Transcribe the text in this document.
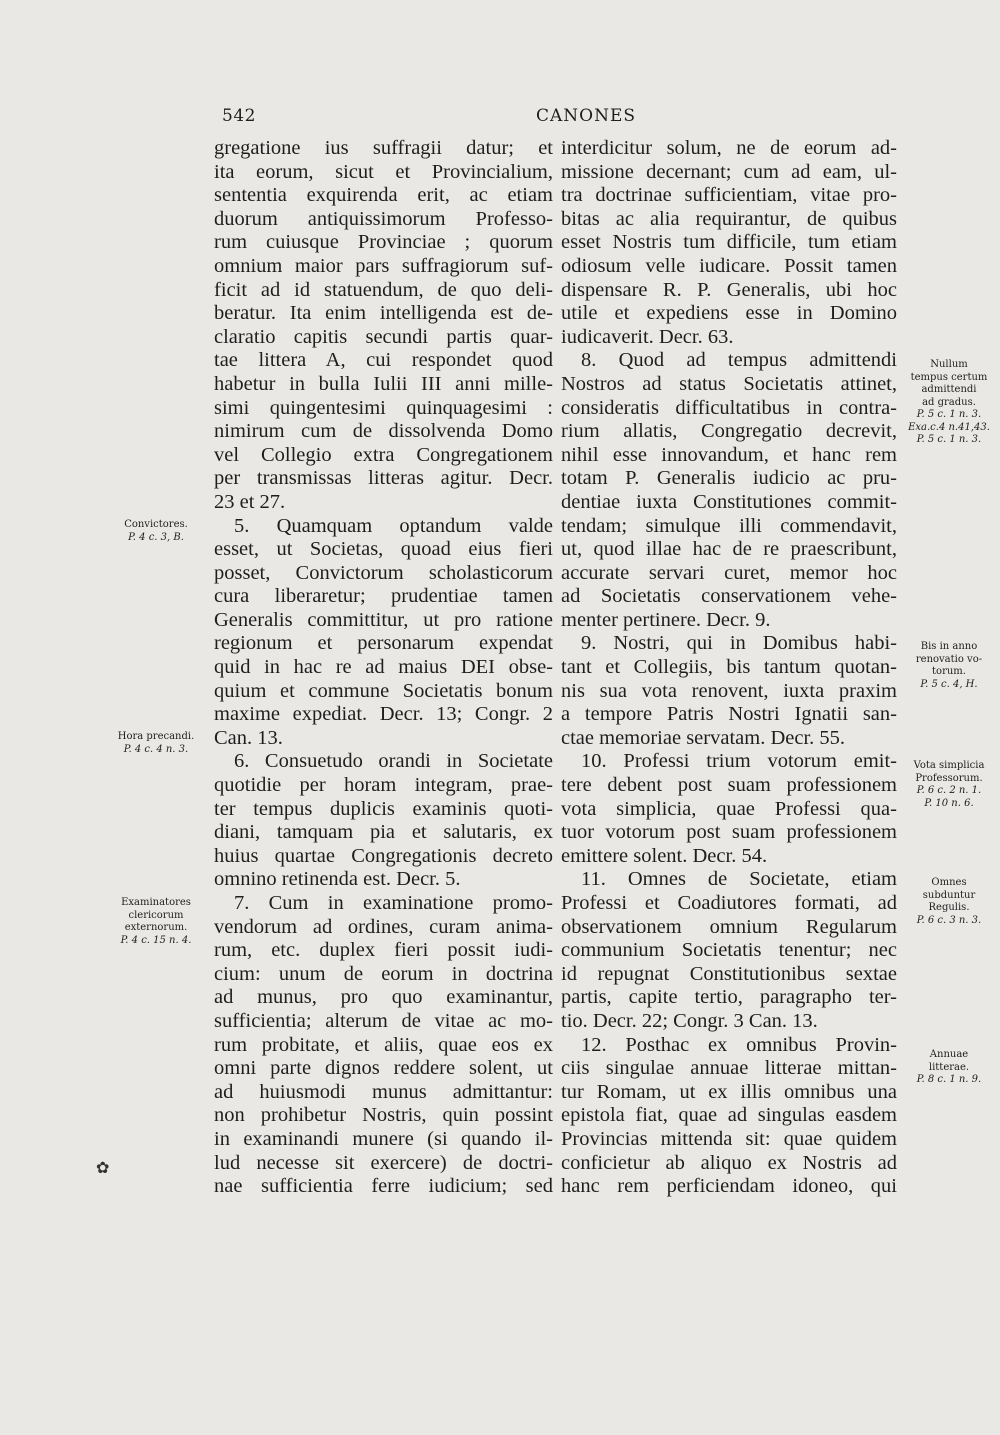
542	CANONES
gregatione ius suffragii datur; et
ita eorum, sicut et Provincialium,
sententia exquirenda erit, ac etiam
duorum antiquissimorum Professo-
rum cuiusque Provinciae ; quorum
omnium maior pars suffragiorum suf-
ficit ad id statuendum, de quo deli-
beratur. Ita enim intelligenda est de-
claratio capitis secundi partis quar-
tae littera A, cui respondet quod
habetur in bulla Iulii III anni mille-
simi quingentesimi quinquagesimi :
nimirum cum de dissolvenda Domo
vel Collegio extra Congregationem
per transmissas litteras agitur. Decr.
23 et 27.
5. Quamquam optandum valde
esset, ut Societas, quoad eius fieri
posset, Convictorum scholasticorum
cura liberaretur; prudentiae tamen
Generalis committitur, ut pro ratione
regionum et personarum expendat
quid in hac re ad maius DEI obse-
quium et commune Societatis bonum
maxime expediat. Decr. 13; Congr. 2
Can. 13.
6. Consuetudo orandi in Societate
quotidie per horam integram, prae-
ter tempus duplicis examinis quoti-
diani, tamquam pia et salutaris, ex
huius quartae Congregationis decreto
omnino retinenda est. Decr. 5.
7. Cum in examinatione promo-
vendorum ad ordines, curam anima-
rum, etc. duplex fieri possit iudi-
cium: unum de eorum in doctrina
ad munus, pro quo examinantur,
sufficientia; alterum de vitae ac mo-
rum probitate, et aliis, quae eos ex
omni parte dignos reddere solent, ut
ad huiusmodi munus admittantur:
non prohibetur Nostris, quin possint
in examinandi munere (si quando il-
lud necesse sit exercere) de doctri-
nae sufficientia ferre iudicium; sed
interdicitur solum, ne de eorum ad-
missione decernant; cum ad eam, ul-
tra doctrinae sufficientiam, vitae pro-
bitas ac alia requirantur, de quibus
esset Nostris tum difficile, tum etiam
odiosum velle iudicare. Possit tamen
dispensare R. P. Generalis, ubi hoc
utile et expediens esse in Domino
iudicaverit. Decr. 63.
8. Quod ad tempus admittendi
Nostros ad status Societatis attinet,
consideratis difficultatibus in contra-
rium allatis, Congregatio decrevit,
nihil esse innovandum, et hanc rem
totam P. Generalis iudicio ac pru-
dentiae iuxta Constitutiones commit-
tendam; simulque illi commendavit,
ut, quod illae hac de re praescribunt,
accurate servari curet, memor hoc
ad Societatis conservationem vehe-
menter pertinere. Decr. 9.
9. Nostri, qui in Domibus habi-
tant et Collegiis, bis tantum quotan-
nis sua vota renovent, iuxta praxim
a tempore Patris Nostri Ignatii san-
ctae memoriae servatam. Decr. 55.
10. Professi trium votorum emit-
tere debent post suam professionem
vota simplicia, quae Professi qua-
tuor votorum post suam professionem
emittere solent. Decr. 54.
11. Omnes de Societate, etiam
Professi et Coadiutores formati, ad
observationem omnium Regularum
communium Societatis tenentur; nec
id repugnat Constitutionibus sextae
partis, capite tertio, paragrapho ter-
tio. Decr. 22; Congr. 3 Can. 13.
12. Posthac ex omnibus Provin-
ciis singulae annuae litterae mittan-
tur Romam, ut ex illis omnibus una
epistola fiat, quae ad singulas easdem
Provincias mittenda sit: quae quidem
conficietur ab aliquo ex Nostris ad
hanc rem perficiendam idoneo, qui
Convictores.
P. 4 c. 3, B.
Hora precandi.
P. 4 c. 4 n. 3.
Examinatores
clericorum
externorum.
P. 4 c. 15 n. 4.
Nullum
tempus certum
admittendi
ad gradus.
P. 5 c. 1 n. 3.
Exa.c.4 n.41,43.
P. 5 c. 1 n. 3.
Bis in anno
renovatio vo-
torum.
P. 5 c. 4, H.
Vota simplicia
Professorum.
P. 6 c. 2 n. 1.
P. 10 n. 6.
Omnes
subduntur
Regulis.
P. 6 c. 3 n. 3.
Annuae
litterae.
P. 8 c. 1 n. 9.
✿
